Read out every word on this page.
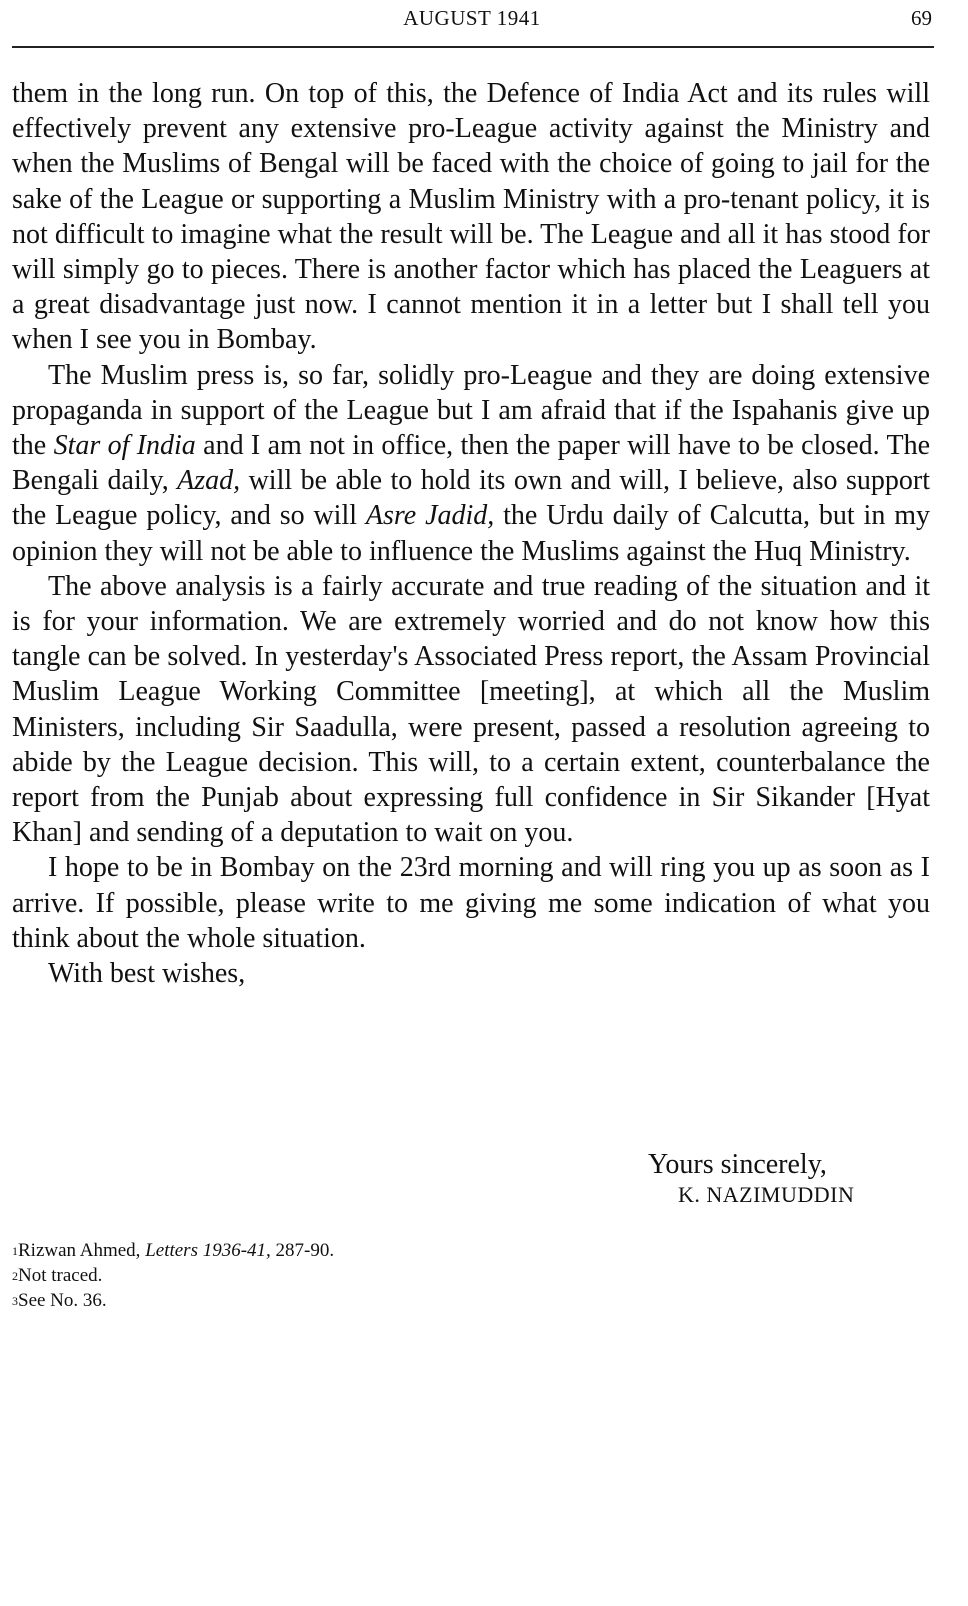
AUGUST 1941	69

them in the long run. On top of this, the Defence of India Act and its rules will effectively prevent any extensive pro-League activity against the Ministry and when the Muslims of Bengal will be faced with the choice of going to jail for the sake of the League or supporting a Muslim Ministry with a pro-tenant policy, it is not difficult to imagine what the result will be. The League and all it has stood for will simply go to pieces. There is another factor which has placed the Leaguers at a great disadvantage just now. I cannot mention it in a letter but I shall tell you when I see you in Bombay.

The Muslim press is, so far, solidly pro-League and they are doing extensive propaganda in support of the League but I am afraid that if the Ispahanis give up the Star of India and I am not in office, then the paper will have to be closed. The Bengali daily, Azad, will be able to hold its own and will, I believe, also support the League policy, and so will Asre Jadid, the Urdu daily of Calcutta, but in my opinion they will not be able to influence the Muslims against the Huq Ministry.

The above analysis is a fairly accurate and true reading of the situation and it is for your information. We are extremely worried and do not know how this tangle can be solved. In yesterday's Associated Press report, the Assam Provincial Muslim League Working Committee [meeting], at which all the Muslim Ministers, including Sir Saadulla, were present, passed a resolution agreeing to abide by the League decision. This will, to a certain extent, counterbalance the report from the Punjab about expressing full confidence in Sir Sikander [Hyat Khan] and sending of a deputation to wait on you.

I hope to be in Bombay on the 23rd morning and will ring you up as soon as I arrive. If possible, please write to me giving me some indication of what you think about the whole situation.

With best wishes,

Yours sincerely,
K. NAZIMUDDIN
$^1$Rizwan Ahmed, Letters 1936-41, 287-90.
$^2$Not traced.
$^3$See No. 36.
